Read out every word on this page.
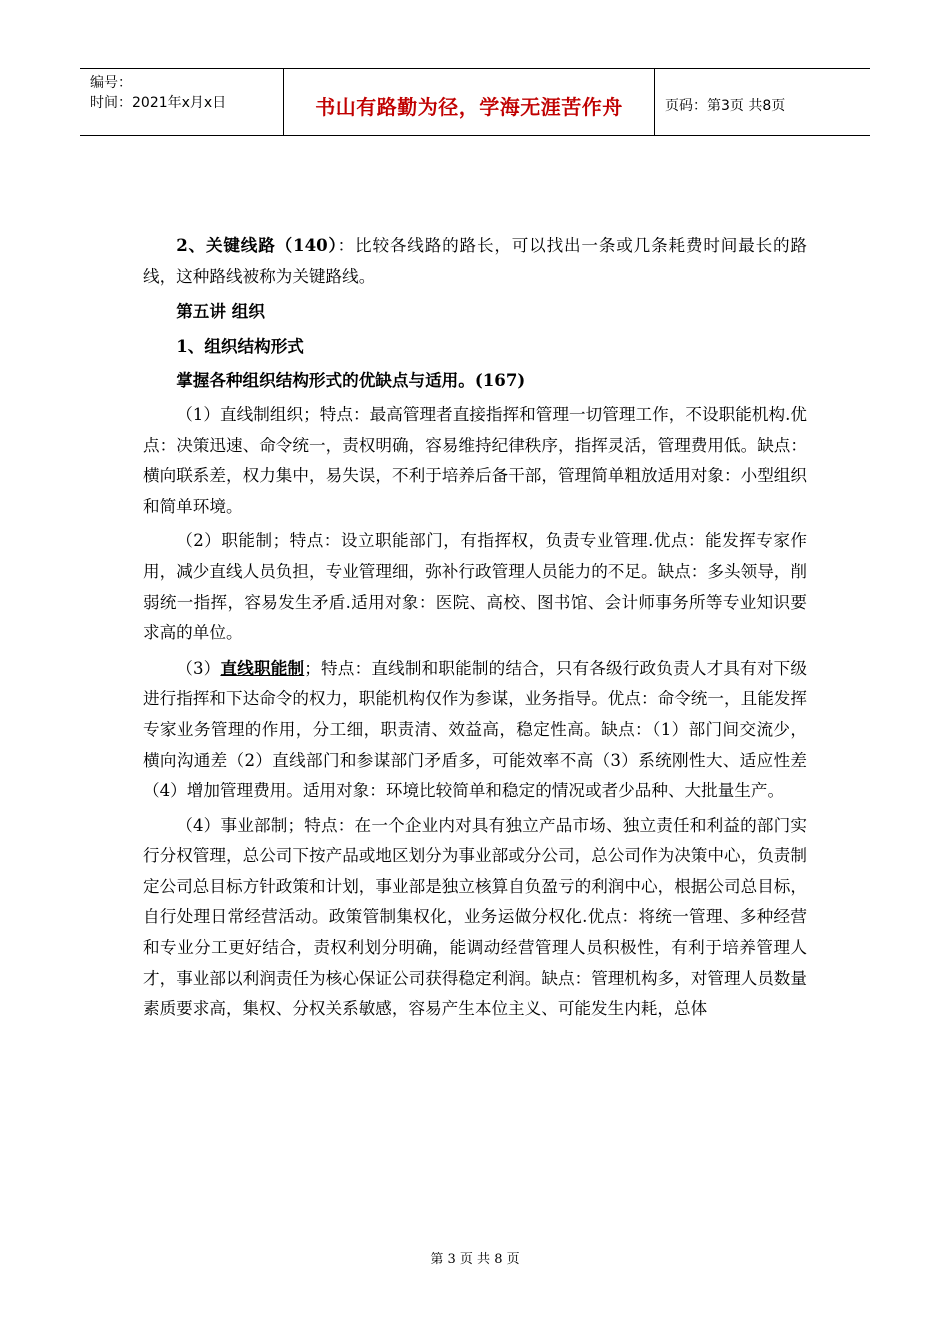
编号：
时间：2021年x月x日	书山有路勤为径，学海无涯苦作舟	页码：第3页 共8页

2、关键线路（140）：比较各线路的路长，可以找出一条或几条耗费时间最长的路线，这种路线被称为关键路线。

第五讲 组织

1、组织结构形式

掌握各种组织结构形式的优缺点与适用。(167)

（1）直线制组织；特点：最高管理者直接指挥和管理一切管理工作，不设职能机构.优点：决策迅速、命令统一，责权明确，容易维持纪律秩序，指挥灵活，管理费用低。缺点：横向联系差，权力集中，易失误，不利于培养后备干部，管理简单粗放适用对象：小型组织和简单环境。

（2）职能制；特点：设立职能部门，有指挥权，负责专业管理.优点：能发挥专家作用，减少直线人员负担，专业管理细，弥补行政管理人员能力的不足。缺点：多头领导，削弱统一指挥，容易发生矛盾.适用对象：医院、高校、图书馆、会计师事务所等专业知识要求高的单位。

（3）直线职能制；特点：直线制和职能制的结合，只有各级行政负责人才具有对下级进行指挥和下达命令的权力，职能机构仅作为参谋，业务指导。优点：命令统一，且能发挥专家业务管理的作用，分工细，职责清、效益高，稳定性高。缺点：（1）部门间交流少，横向沟通差（2）直线部门和参谋部门矛盾多，可能效率不高（3）系统刚性大、适应性差（4）增加管理费用。适用对象：环境比较简单和稳定的情况或者少品种、大批量生产。

（4）事业部制；特点：在一个企业内对具有独立产品市场、独立责任和利益的部门实行分权管理，总公司下按产品或地区划分为事业部或分公司，总公司作为决策中心，负责制定公司总目标方针政策和计划，事业部是独立核算自负盈亏的利润中心，根据公司总目标，自行处理日常经营活动。政策管制集权化，业务运做分权化.优点：将统一管理、多种经营和专业分工更好结合，责权利划分明确，能调动经营管理人员积极性，有利于培养管理人才，事业部以利润责任为核心保证公司获得稳定利润。缺点：管理机构多，对管理人员数量素质要求高，集权、分权关系敏感，容易产生本位主义、可能发生内耗，总体

第 3 页 共 8 页
